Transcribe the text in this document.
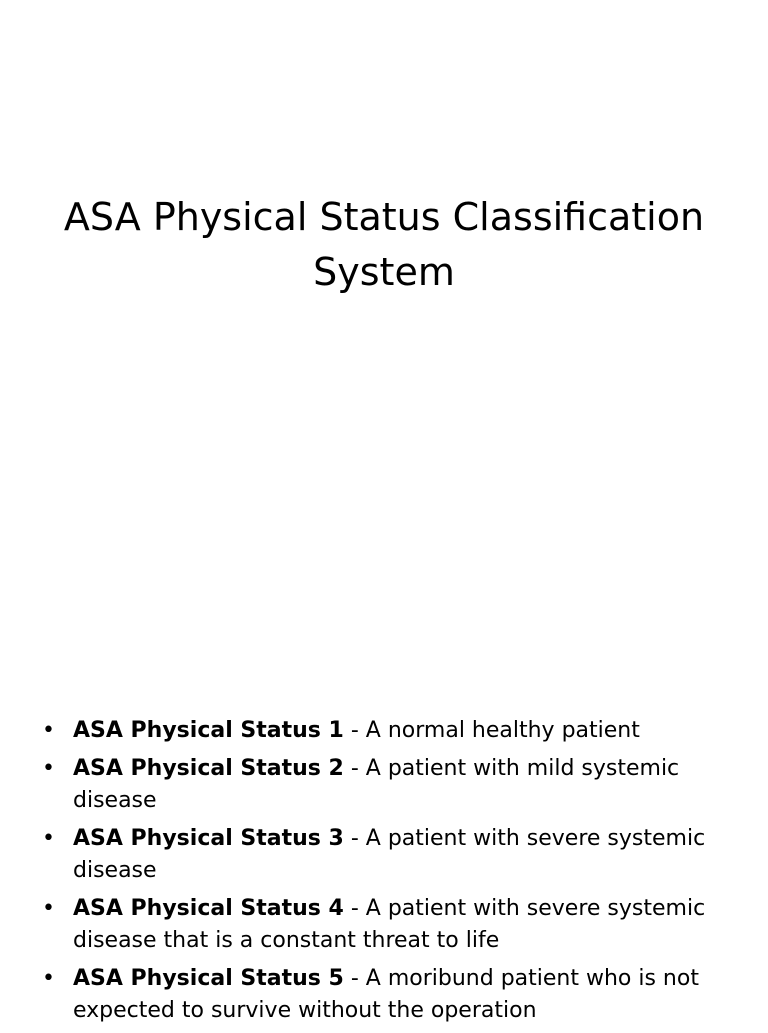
ASA Physical Status Classification System
• ASA Physical Status 1 - A normal healthy patient
• ASA Physical Status 2 - A patient with mild systemic disease
• ASA Physical Status 3 - A patient with severe systemic disease
• ASA Physical Status 4 - A patient with severe systemic disease that is a constant threat to life
• ASA Physical Status 5 - A moribund patient who is not expected to survive without the operation
